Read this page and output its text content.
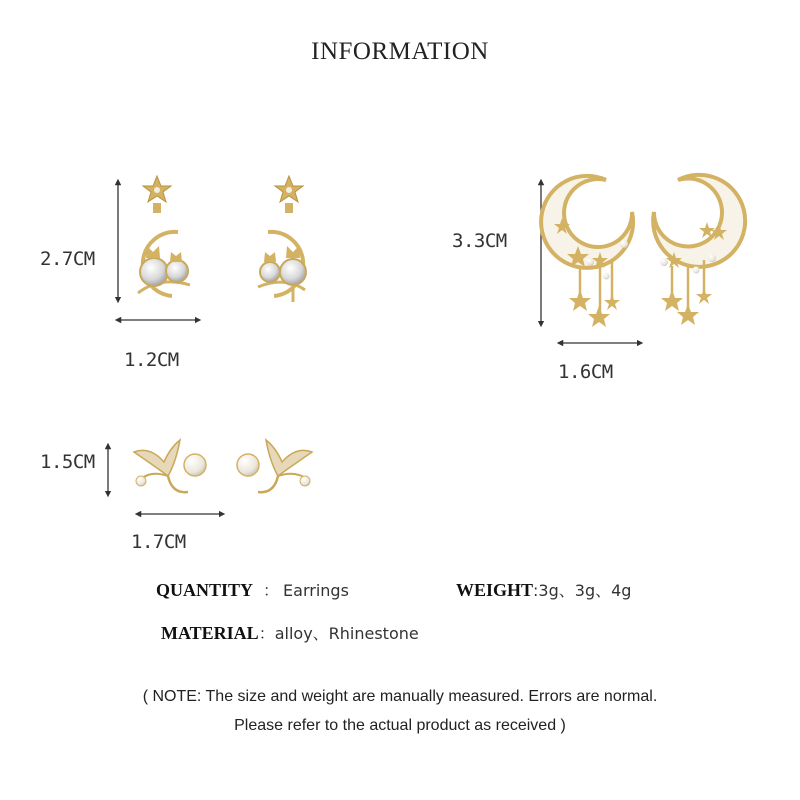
INFORMATION
2.7CM
1.2CM
3.3CM
1.6CM
1.5CM
1.7CM
QUANTITY ： Earrings	WEIGHT:3g、3g、4g
MATERIAL：alloy、Rhinestone
( NOTE: The size and weight are manually measured. Errors are normal.
Please refer to the actual product as received )
